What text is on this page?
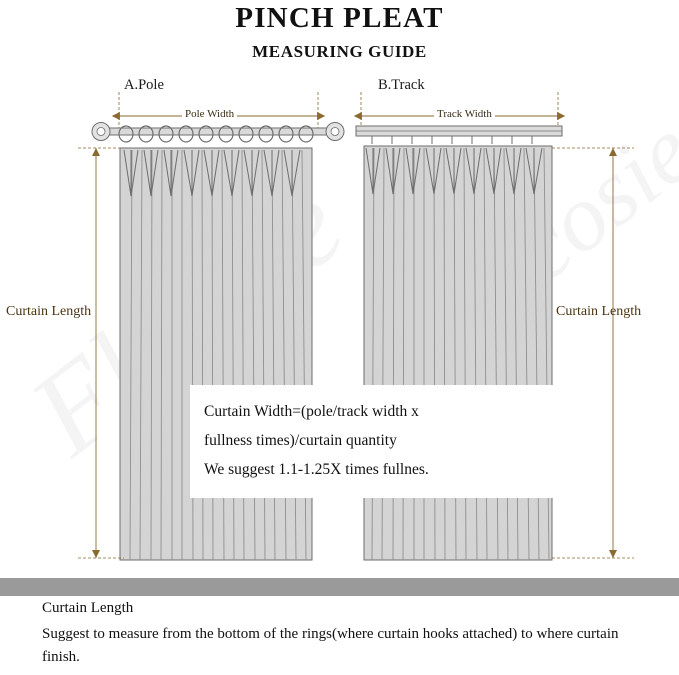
PINCH PLEAT
MEASURING GUIDE
A.Pole	B.Track
Pole Width	Track Width
Curtain Length	Curtain Length
Curtain Width=(pole/track width x
fullness times)/curtain quantity
We suggest 1.1-1.25X times fullnes.
Curtain Length
Suggest to measure from the bottom of the rings(where curtain hooks attached) to where curtain finish.
